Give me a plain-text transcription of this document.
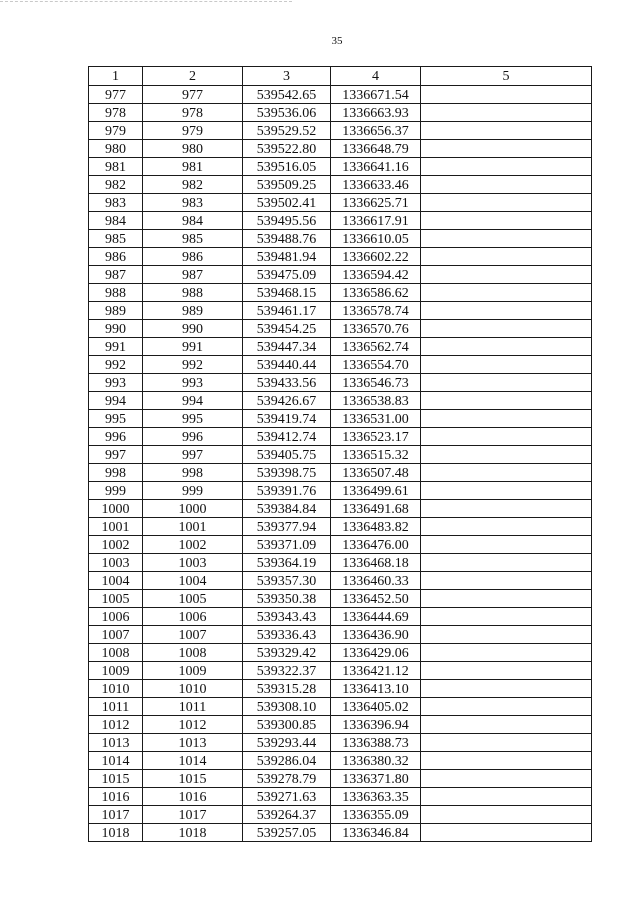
35
1	2	3	4	5
977	977	539542.65	1336671.54	
978	978	539536.06	1336663.93	
979	979	539529.52	1336656.37	
980	980	539522.80	1336648.79	
981	981	539516.05	1336641.16	
982	982	539509.25	1336633.46	
983	983	539502.41	1336625.71	
984	984	539495.56	1336617.91	
985	985	539488.76	1336610.05	
986	986	539481.94	1336602.22	
987	987	539475.09	1336594.42	
988	988	539468.15	1336586.62	
989	989	539461.17	1336578.74	
990	990	539454.25	1336570.76	
991	991	539447.34	1336562.74	
992	992	539440.44	1336554.70	
993	993	539433.56	1336546.73	
994	994	539426.67	1336538.83	
995	995	539419.74	1336531.00	
996	996	539412.74	1336523.17	
997	997	539405.75	1336515.32	
998	998	539398.75	1336507.48	
999	999	539391.76	1336499.61	
1000	1000	539384.84	1336491.68	
1001	1001	539377.94	1336483.82	
1002	1002	539371.09	1336476.00	
1003	1003	539364.19	1336468.18	
1004	1004	539357.30	1336460.33	
1005	1005	539350.38	1336452.50	
1006	1006	539343.43	1336444.69	
1007	1007	539336.43	1336436.90	
1008	1008	539329.42	1336429.06	
1009	1009	539322.37	1336421.12	
1010	1010	539315.28	1336413.10	
1011	1011	539308.10	1336405.02	
1012	1012	539300.85	1336396.94	
1013	1013	539293.44	1336388.73	
1014	1014	539286.04	1336380.32	
1015	1015	539278.79	1336371.80	
1016	1016	539271.63	1336363.35	
1017	1017	539264.37	1336355.09	
1018	1018	539257.05	1336346.84	
